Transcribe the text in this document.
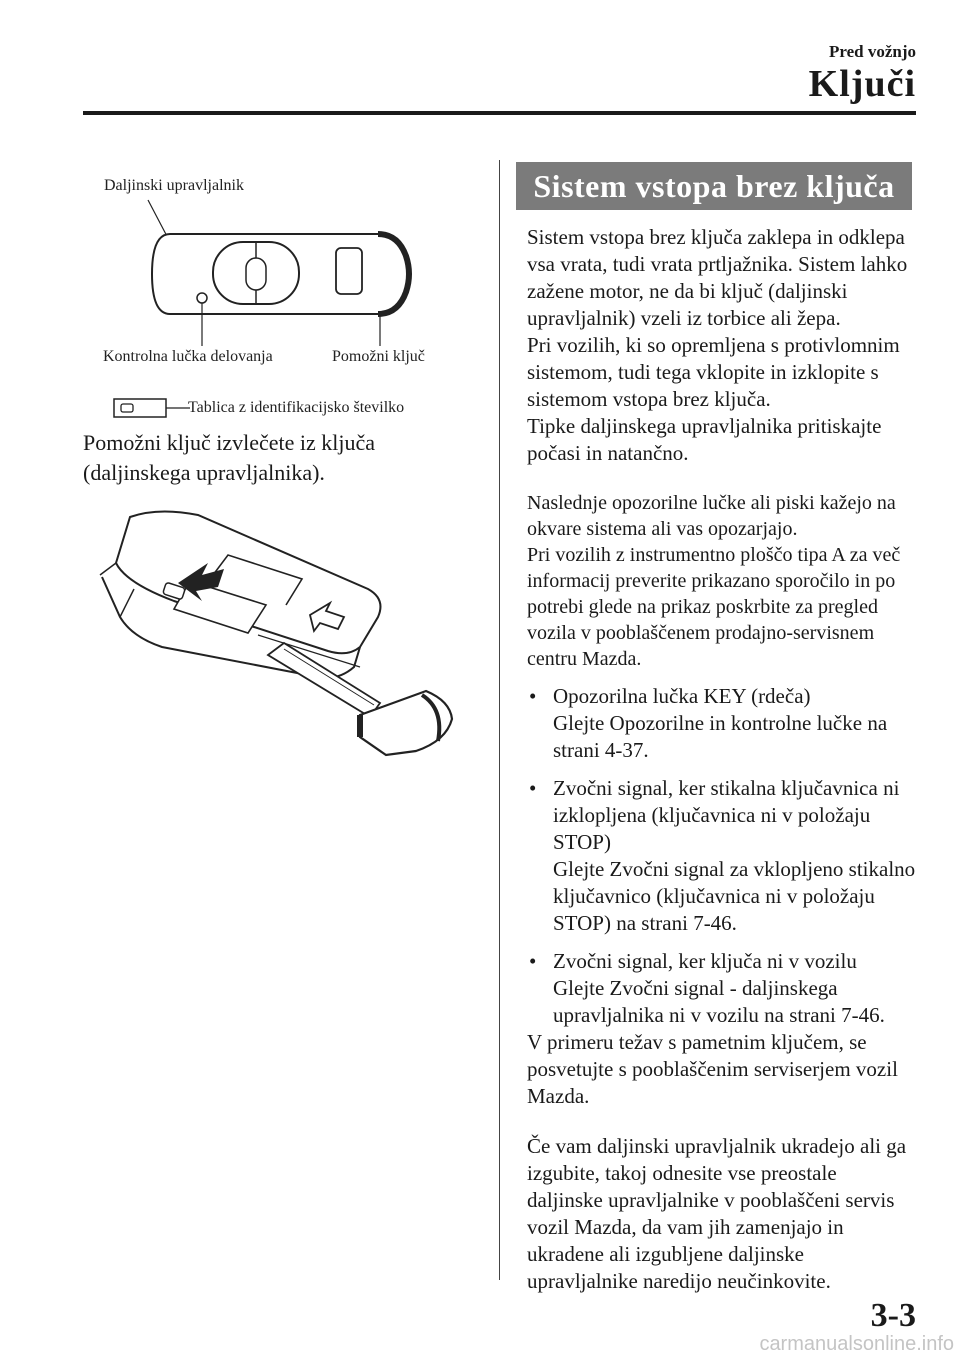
Pred vožnjo
Ključi
Daljinski upravljalnik
Kontrolna lučka delovanja	Pomožni ključ
Tablica z identifikacijsko številko
Pomožni ključ izvlečete iz ključa (daljinskega upravljalnika).
Sistem vstopa brez ključa

Sistem vstopa brez ključa zaklepa in odklepa vsa vrata, tudi vrata prtljažnika. Sistem lahko zažene motor, ne da bi ključ (daljinski upravljalnik) vzeli iz torbice ali žepa.

Pri vozilih, ki so opremljena s protivlomnim sistemom, tudi tega vklopite in izklopite s sistemom vstopa brez ključa.

Tipke daljinskega upravljalnika pritiskajte počasi in natančno.

Naslednje opozorilne lučke ali piski kažejo na okvare sistema ali vas opozarjajo.

Pri vozilih z instrumentno ploščo tipa A za več informacij preverite prikazano sporočilo in po potrebi glede na prikaz poskrbite za pregled vozila v pooblaščenem prodajno-servisnem centru Mazda.

• Opozorilna lučka KEY (rdeča)
Glejte Opozorilne in kontrolne lučke na strani 4-37.
• Zvočni signal, ker stikalna ključavnica ni izklopljena (ključavnica ni v položaju STOP)
Glejte Zvočni signal za vklopljeno stikalno ključavnico (ključavnica ni v položaju STOP) na strani 7-46.
• Zvočni signal, ker ključa ni v vozilu
Glejte Zvočni signal - daljinskega upravljalnika ni v vozilu na strani 7-46.

V primeru težav s pametnim ključem, se posvetujte s pooblaščenim serviserjem vozil Mazda.

Če vam daljinski upravljalnik ukradejo ali ga izgubite, takoj odnesite vse preostale daljinske upravljalnike v pooblaščeni servis vozil Mazda, da vam jih zamenjajo in ukradene ali izgubljene daljinske upravljalnike naredijo neučinkovite.

3-3
carmanualsonline.info
